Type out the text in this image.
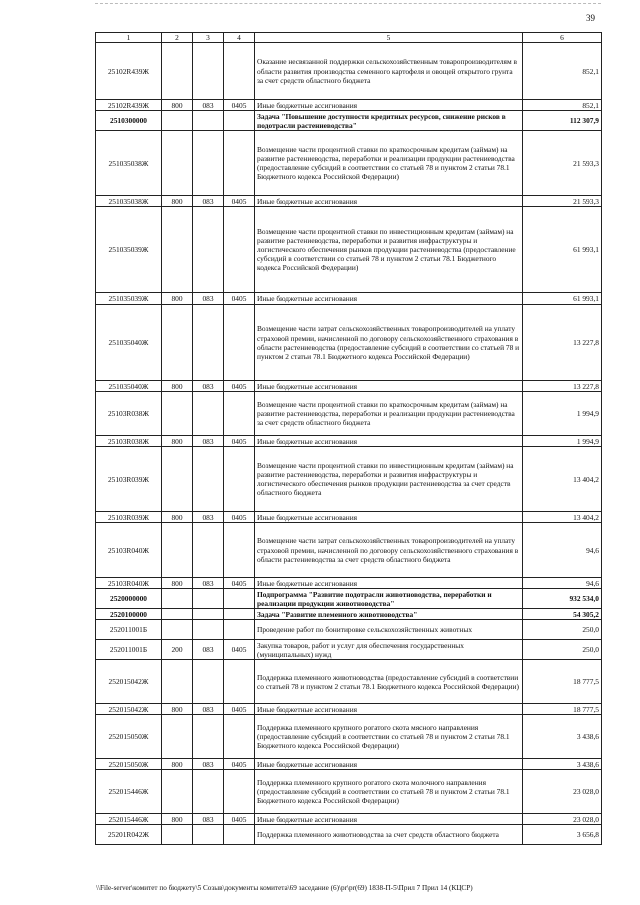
39
1	2	3	4	5	6
25102R439Ж				Оказание несвязанной поддержки сельскохозяйственным товаропроизводителям в области развития производства семенного картофеля и овощей открытого грунта за счет средств областного бюджета	852,1
25102R439Ж	800	083	0405	Иные бюджетные ассигнования	852,1
2510300000				Задача "Повышение доступности кредитных ресурсов, снижение рисков в подотрасли растениеводства"	112 307,9
251035038Ж				Возмещение части процентной ставки по краткосрочным кредитам (займам) на развитие растениеводства, переработки и реализации продукции растениеводства (предоставление субсидий в соответствии со статьей 78 и пунктом 2 статьи 78.1 Бюджетного кодекса Российской Федерации)	21 593,3
251035038Ж	800	083	0405	Иные бюджетные ассигнования	21 593,3
251035039Ж				Возмещение части процентной ставки по инвестиционным кредитам (займам) на развитие растениеводства, переработки и развития инфраструктуры и логистического обеспечения рынков продукции растениеводства (предоставление субсидий в соответствии со статьей 78 и пунктом 2 статьи 78.1 Бюджетного кодекса Российской Федерации)	61 993,1
251035039Ж	800	083	0405	Иные бюджетные ассигнования	61 993,1
251035040Ж				Возмещение части затрат сельскохозяйственных товаропроизводителей на уплату страховой премии, начисленной по договору сельскохозяйственного страхования в области растениеводства (предоставление субсидий в соответствии со статьей 78 и пунктом 2 статьи 78.1 Бюджетного кодекса Российской Федерации)	13 227,8
251035040Ж	800	083	0405	Иные бюджетные ассигнования	13 227,8
25103R038Ж				Возмещение части процентной ставки по краткосрочным кредитам (займам) на развитие растениеводства, переработки и реализации продукции растениеводства за счет средств областного бюджета	1 994,9
25103R038Ж	800	083	0405	Иные бюджетные ассигнования	1 994,9
25103R039Ж				Возмещение части процентной ставки по инвестиционным кредитам (займам) на развитие растениеводства, переработки и развития инфраструктуры и логистического обеспечения рынков продукции растениеводства за счет средств областного бюджета	13 404,2
25103R039Ж	800	083	0405	Иные бюджетные ассигнования	13 404,2
25103R040Ж				Возмещение части затрат сельскохозяйственных товаропроизводителей на уплату страховой премии, начисленной по договору сельскохозяйственного страхования в области растениеводства за счет средств областного бюджета	94,6
25103R040Ж	800	083	0405	Иные бюджетные ассигнования	94,6
2520000000				Подпрограмма "Развитие подотрасли животноводства, переработки и реализации продукции животноводства"	932 534,0
2520100000				Задача "Развитие племенного животноводства"	54 305,2
252011001Б				Проведение работ по бонитировке сельскохозяйственных животных	250,0
252011001Б	200	083	0405	Закупка товаров, работ и услуг для обеспечения государственных (муниципальных) нужд	250,0
252015042Ж				Поддержка племенного животноводства (предоставление субсидий в соответствии со статьей 78 и пунктом 2 статьи 78.1 Бюджетного кодекса Российской Федерации)	18 777,5
252015042Ж	800	083	0405	Иные бюджетные ассигнования	18 777,5
252015050Ж				Поддержка племенного крупного рогатого скота мясного направления (предоставление субсидий в соответствии со статьей 78 и пунктом 2 статьи 78.1 Бюджетного кодекса Российской Федерации)	3 438,6
252015050Ж	800	083	0405	Иные бюджетные ассигнования	3 438,6
252015446Ж				Поддержка племенного крупного рогатого скота молочного направления (предоставление субсидий в соответствии со статьей 78 и пунктом 2 статьи 78.1 Бюджетного кодекса Российской Федерации)	23 028,0
252015446Ж	800	083	0405	Иные бюджетные ассигнования	23 028,0
25201R042Ж				Поддержка племенного животноводства за счет средств областного бюджета	3 656,8
\\File-server\комитет по бюджету\5 Созыв\документы комитета\69 заседание (6)\рr\рr(69) 1838-П-5\Прил 7 Прил 14 (КЦСР)
